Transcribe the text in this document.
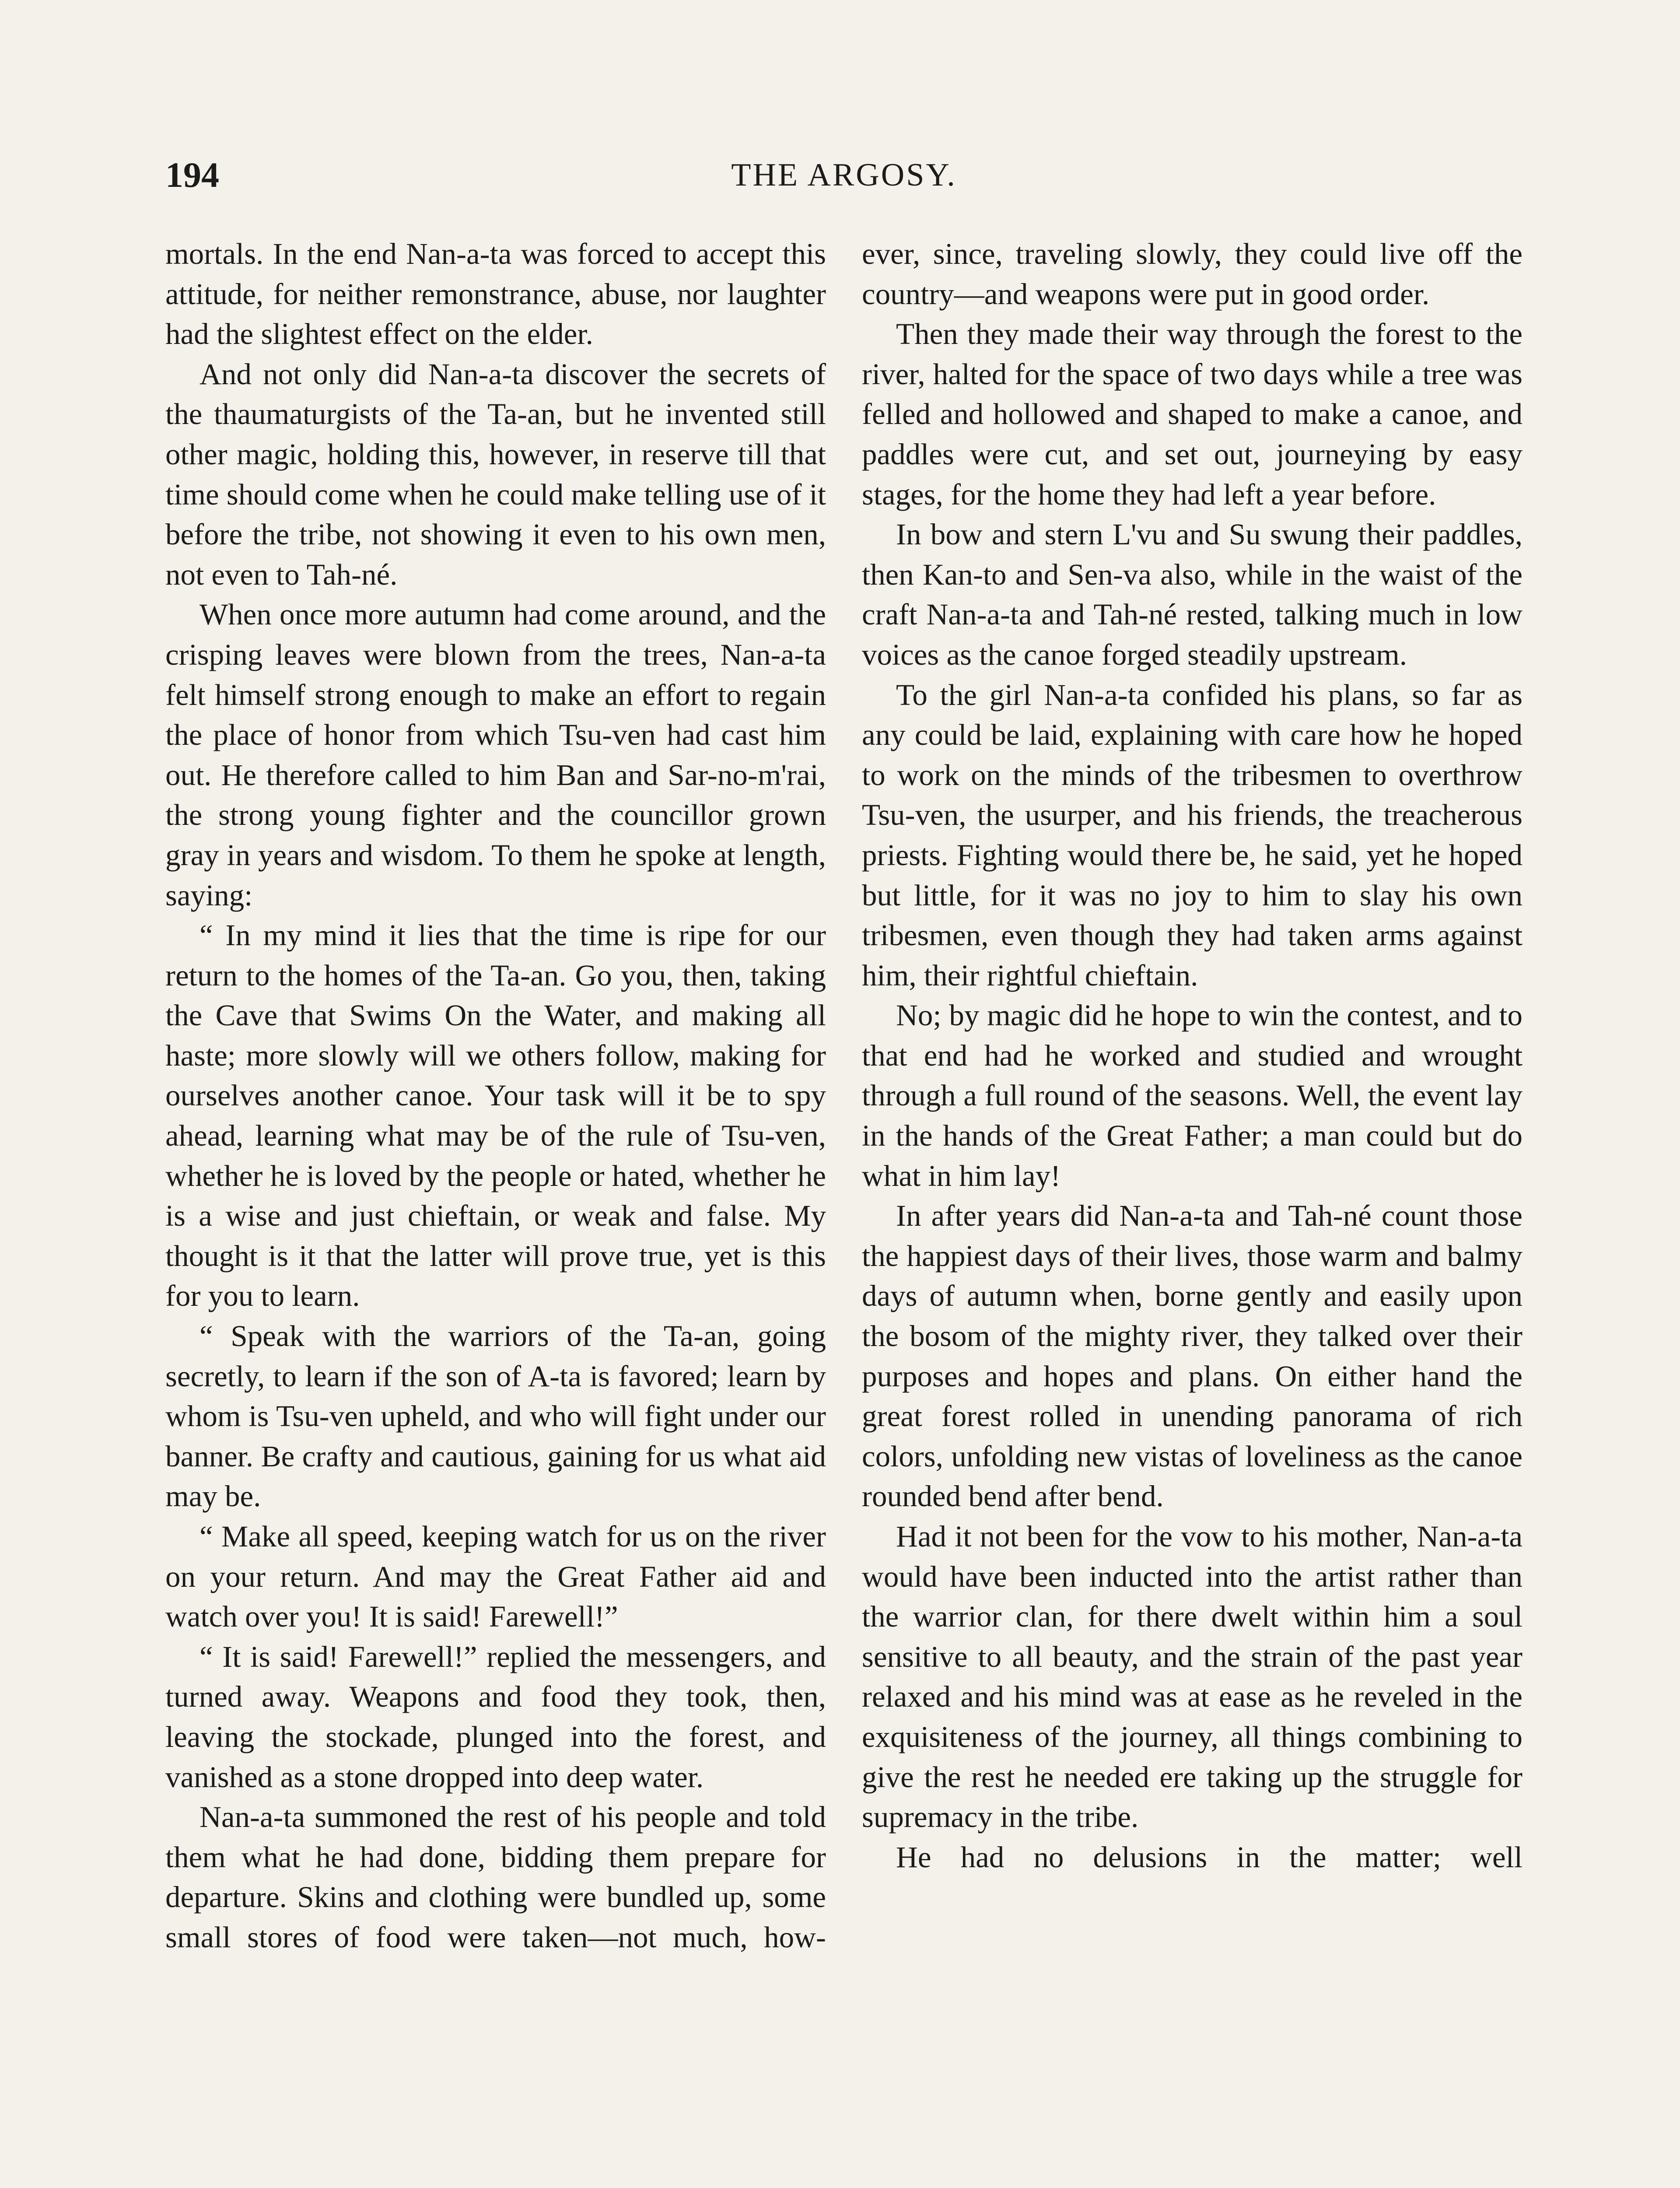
194	THE ARGOSY.

mortals. In the end Nan-a-ta was forced to accept this attitude, for neither remonstrance, abuse, nor laughter had the slightest effect on the elder.

And not only did Nan-a-ta discover the secrets of the thaumaturgists of the Ta-an, but he invented still other magic, holding this, however, in reserve till that time should come when he could make telling use of it before the tribe, not showing it even to his own men, not even to Tah-né.

When once more autumn had come around, and the crisping leaves were blown from the trees, Nan-a-ta felt himself strong enough to make an effort to regain the place of honor from which Tsu-ven had cast him out. He therefore called to him Ban and Sar-no-m'rai, the strong young fighter and the councillor grown gray in years and wisdom. To them he spoke at length, saying:

“ In my mind it lies that the time is ripe for our return to the homes of the Ta-an. Go you, then, taking the Cave that Swims On the Water, and making all haste; more slowly will we others follow, making for ourselves another canoe. Your task will it be to spy ahead, learning what may be of the rule of Tsu-ven, whether he is loved by the people or hated, whether he is a wise and just chieftain, or weak and false. My thought is it that the latter will prove true, yet is this for you to learn.

“ Speak with the warriors of the Ta-an, going secretly, to learn if the son of A-ta is favored; learn by whom is Tsu-ven upheld, and who will fight under our banner. Be crafty and cautious, gaining for us what aid may be.

“ Make all speed, keeping watch for us on the river on your return. And may the Great Father aid and watch over you! It is said! Farewell!”

“ It is said! Farewell!” replied the messengers, and turned away. Weapons and food they took, then, leaving the stockade, plunged into the forest, and vanished as a stone dropped into deep water.

Nan-a-ta summoned the rest of his people and told them what he had done, bidding them prepare for departure. Skins and clothing were bundled up, some small stores of food were taken—not much, how-

ever, since, traveling slowly, they could live off the country—and weapons were put in good order.

Then they made their way through the forest to the river, halted for the space of two days while a tree was felled and hollowed and shaped to make a canoe, and paddles were cut, and set out, journeying by easy stages, for the home they had left a year before.

In bow and stern L'vu and Su swung their paddles, then Kan-to and Sen-va also, while in the waist of the craft Nan-a-ta and Tah-né rested, talking much in low voices as the canoe forged steadily upstream.

To the girl Nan-a-ta confided his plans, so far as any could be laid, explaining with care how he hoped to work on the minds of the tribesmen to overthrow Tsu-ven, the usurper, and his friends, the treacherous priests. Fighting would there be, he said, yet he hoped but little, for it was no joy to him to slay his own tribesmen, even though they had taken arms against him, their rightful chieftain.

No; by magic did he hope to win the contest, and to that end had he worked and studied and wrought through a full round of the seasons. Well, the event lay in the hands of the Great Father; a man could but do what in him lay!

In after years did Nan-a-ta and Tah-né count those the happiest days of their lives, those warm and balmy days of autumn when, borne gently and easily upon the bosom of the mighty river, they talked over their purposes and hopes and plans. On either hand the great forest rolled in unending panorama of rich colors, unfolding new vistas of loveliness as the canoe rounded bend after bend.

Had it not been for the vow to his mother, Nan-a-ta would have been inducted into the artist rather than the warrior clan, for there dwelt within him a soul sensitive to all beauty, and the strain of the past year relaxed and his mind was at ease as he reveled in the exquisiteness of the journey, all things combining to give the rest he needed ere taking up the struggle for supremacy in the tribe.

He had no delusions in the matter; well
